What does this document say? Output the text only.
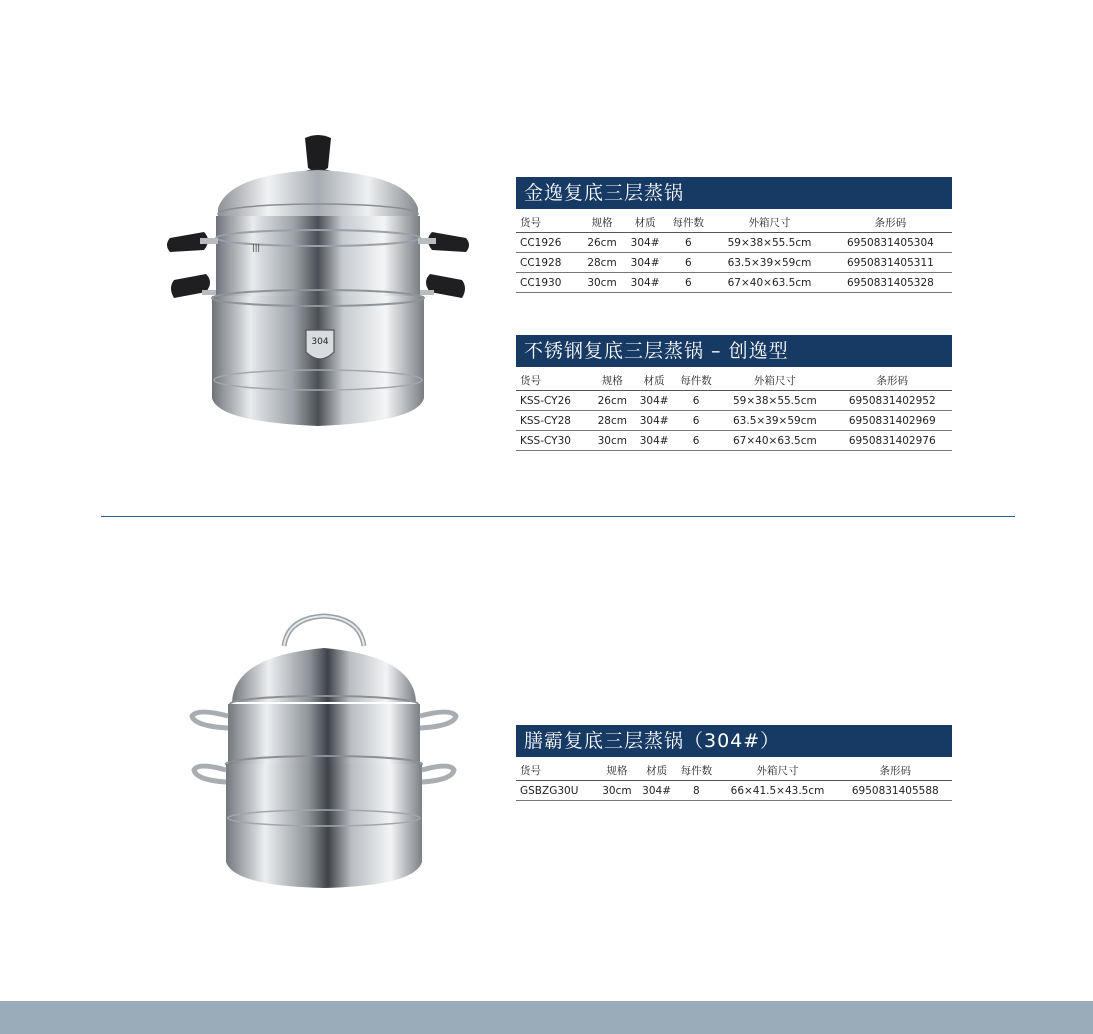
|||
304
金逸复底三层蒸锅
货号	规格	材质	每件数	外箱尺寸	条形码
CC1926	26cm	304#	6	59×38×55.5cm	6950831405304
CC1928	28cm	304#	6	63.5×39×59cm	6950831405311
CC1930	30cm	304#	6	67×40×63.5cm	6950831405328
不锈钢复底三层蒸锅 – 创逸型
货号	规格	材质	每件数	外箱尺寸	条形码
KSS-CY26	26cm	304#	6	59×38×55.5cm	6950831402952
KSS-CY28	28cm	304#	6	63.5×39×59cm	6950831402969
KSS-CY30	30cm	304#	6	67×40×63.5cm	6950831402976
膳霸复底三层蒸锅（304#）
货号	规格	材质	每件数	外箱尺寸	条形码
GSBZG30U	30cm	304#	8	66×41.5×43.5cm	6950831405588
